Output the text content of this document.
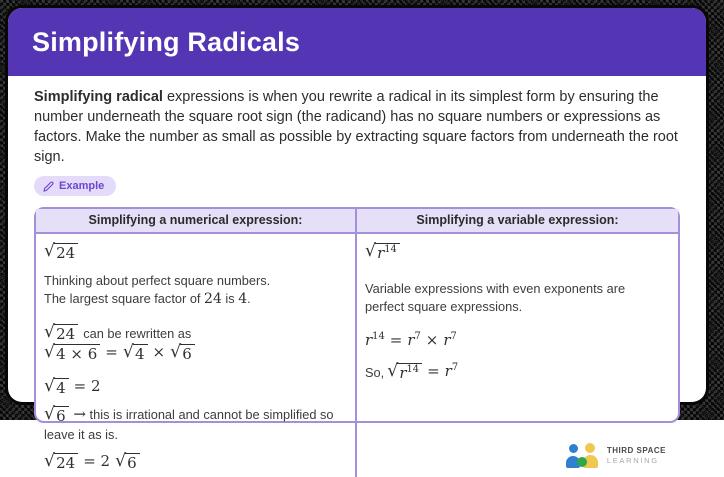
Simplifying Radicals

Simplifying radical expressions is when you rewrite a radical in its simplest form by ensuring the number underneath the square root sign (the radicand) has no square numbers or expressions as factors. Make the number as small as possible by extracting square factors from underneath the root sign.

Example
Simplifying a numerical expression:	Simplifying a variable expression:
√ 24
Thinking about perfect square numbers.
The largest square factor of 24 is 4.
√ 24 can be rewritten as
√ 4 × 6 = √ 4 × √ 6
√ 4 = 2
√ 6 → this is irrational and cannot be simplified so leave it as is.
√ 24 = 2 √ 6
√ $r^{14}$
Variable expressions with even exponents are perfect square expressions.
$r^{14} = r^7 \times r^7$
So, √ $r^{14} = r^7$
THIRD SPACE
LEARNING
